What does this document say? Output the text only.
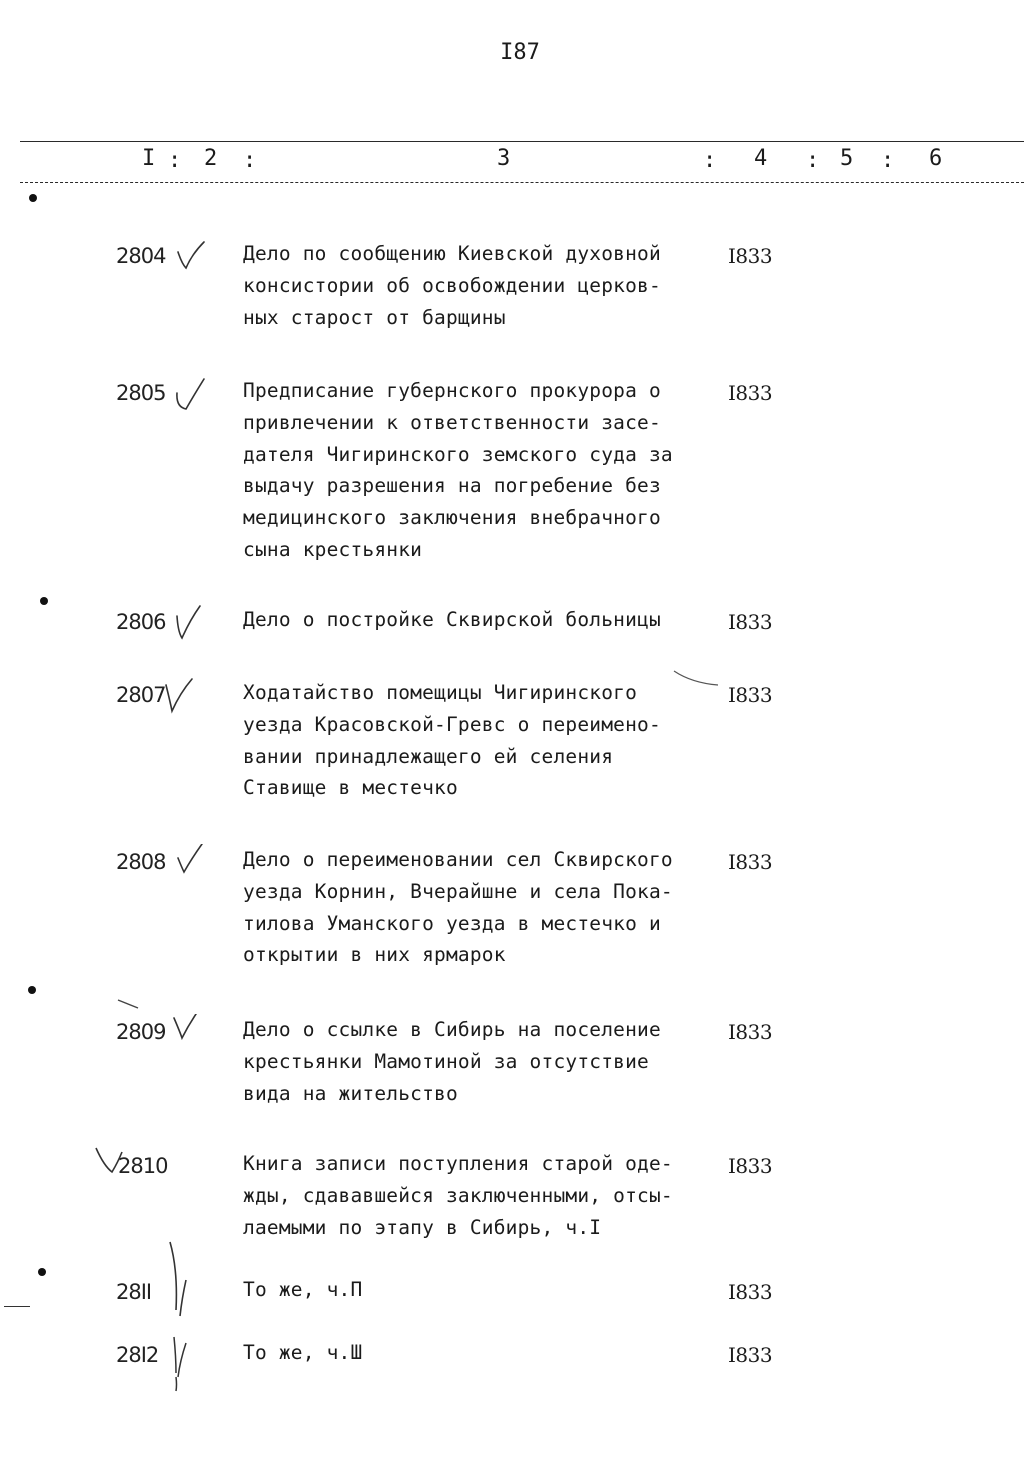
I87
I : 2 :	3	: 4 : 5 : 6
2804	Дело по сообщению Киевской духовной
консистории об освобождении церков-
ных старост от барщины
I833
2805	Предписание губернского прокурора о
привлечении к ответственности засе-
дателя Чигиринского земского суда за
выдачу разрешения на погребение без
медицинского заключения внебрачного
сына крестьянки
I833
2806	Дело о постройке Сквирской больницы	I833
2807	Ходатайство помещицы Чигиринского
уезда Красовской-Гревс о переимено-
вании принадлежащего ей селения
Ставище в местечко
I833
2808	Дело о переименовании сел Сквирского
уезда Корнин, Вчерайшне и села Пока-
тилова Уманского уезда в местечко и
открытии в них ярмарок
I833
2809	Дело о ссылке в Сибирь на поселение
крестьянки Мамотиной за отсутствие
вида на жительство
I833
2810	Книга записи поступления старой оде-
жды, сдававшейся заключенными, отсы-
лаемыми по этапу в Сибирь, ч.I
I833
28II	То же, ч.П	I833
28I2	То же, ч.Ш	I833
